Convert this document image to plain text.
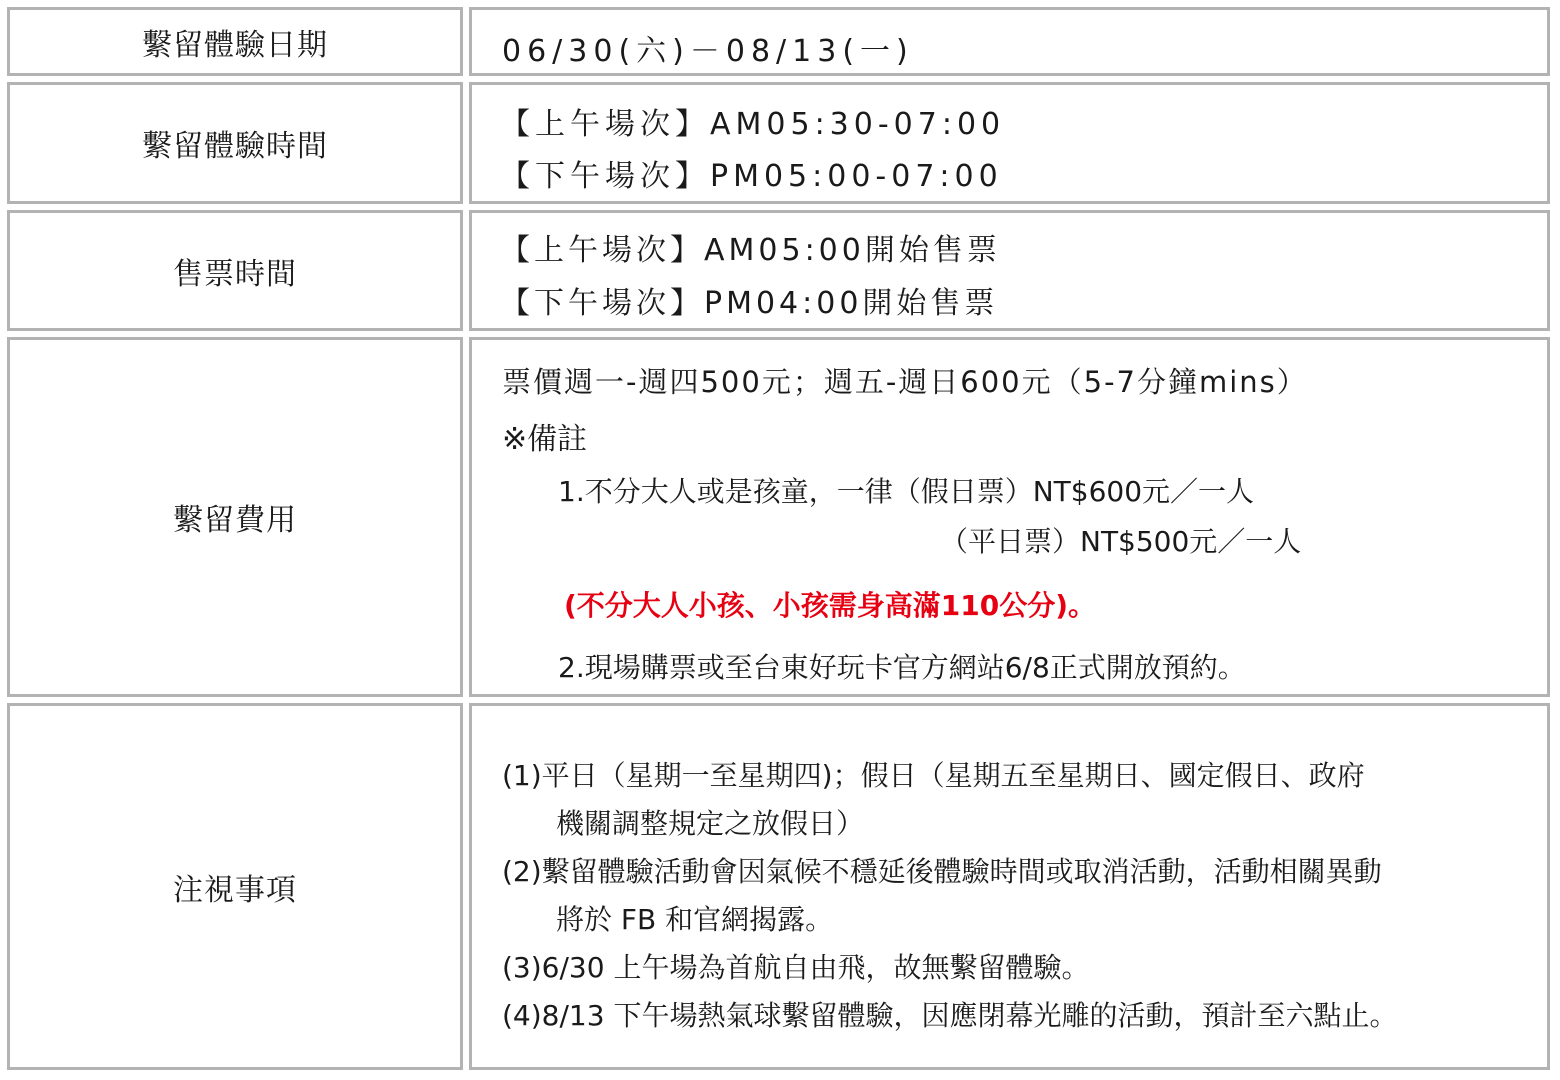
繫留體驗日期	06/30(六)－08/13(一)
繫留體驗時間
【上午場次】AM05:30-07:00
【下午場次】PM05:00-07:00
售票時間
【上午場次】AM05:00開始售票
【下午場次】PM04:00開始售票
繫留費用
票價週一-週四500元；週五-週日600元（5-7分鐘mins）
※備註
1.不分大人或是孩童，一律（假日票）NT$600元／一人
（平日票）NT$500元／一人
(不分大人小孩、小孩需身高滿110公分)。
2.現場購票或至台東好玩卡官方網站6/8正式開放預約。
注視事項
(1)平日（星期一至星期四)；假日（星期五至星期日、國定假日、政府
機關調整規定之放假日）
(2)繫留體驗活動會因氣候不穩延後體驗時間或取消活動，活動相關異動
將於 FB 和官網揭露。
(3)6/30 上午場為首航自由飛，故無繫留體驗。
(4)8/13 下午場熱氣球繫留體驗，因應閉幕光雕的活動，預計至六點止。
